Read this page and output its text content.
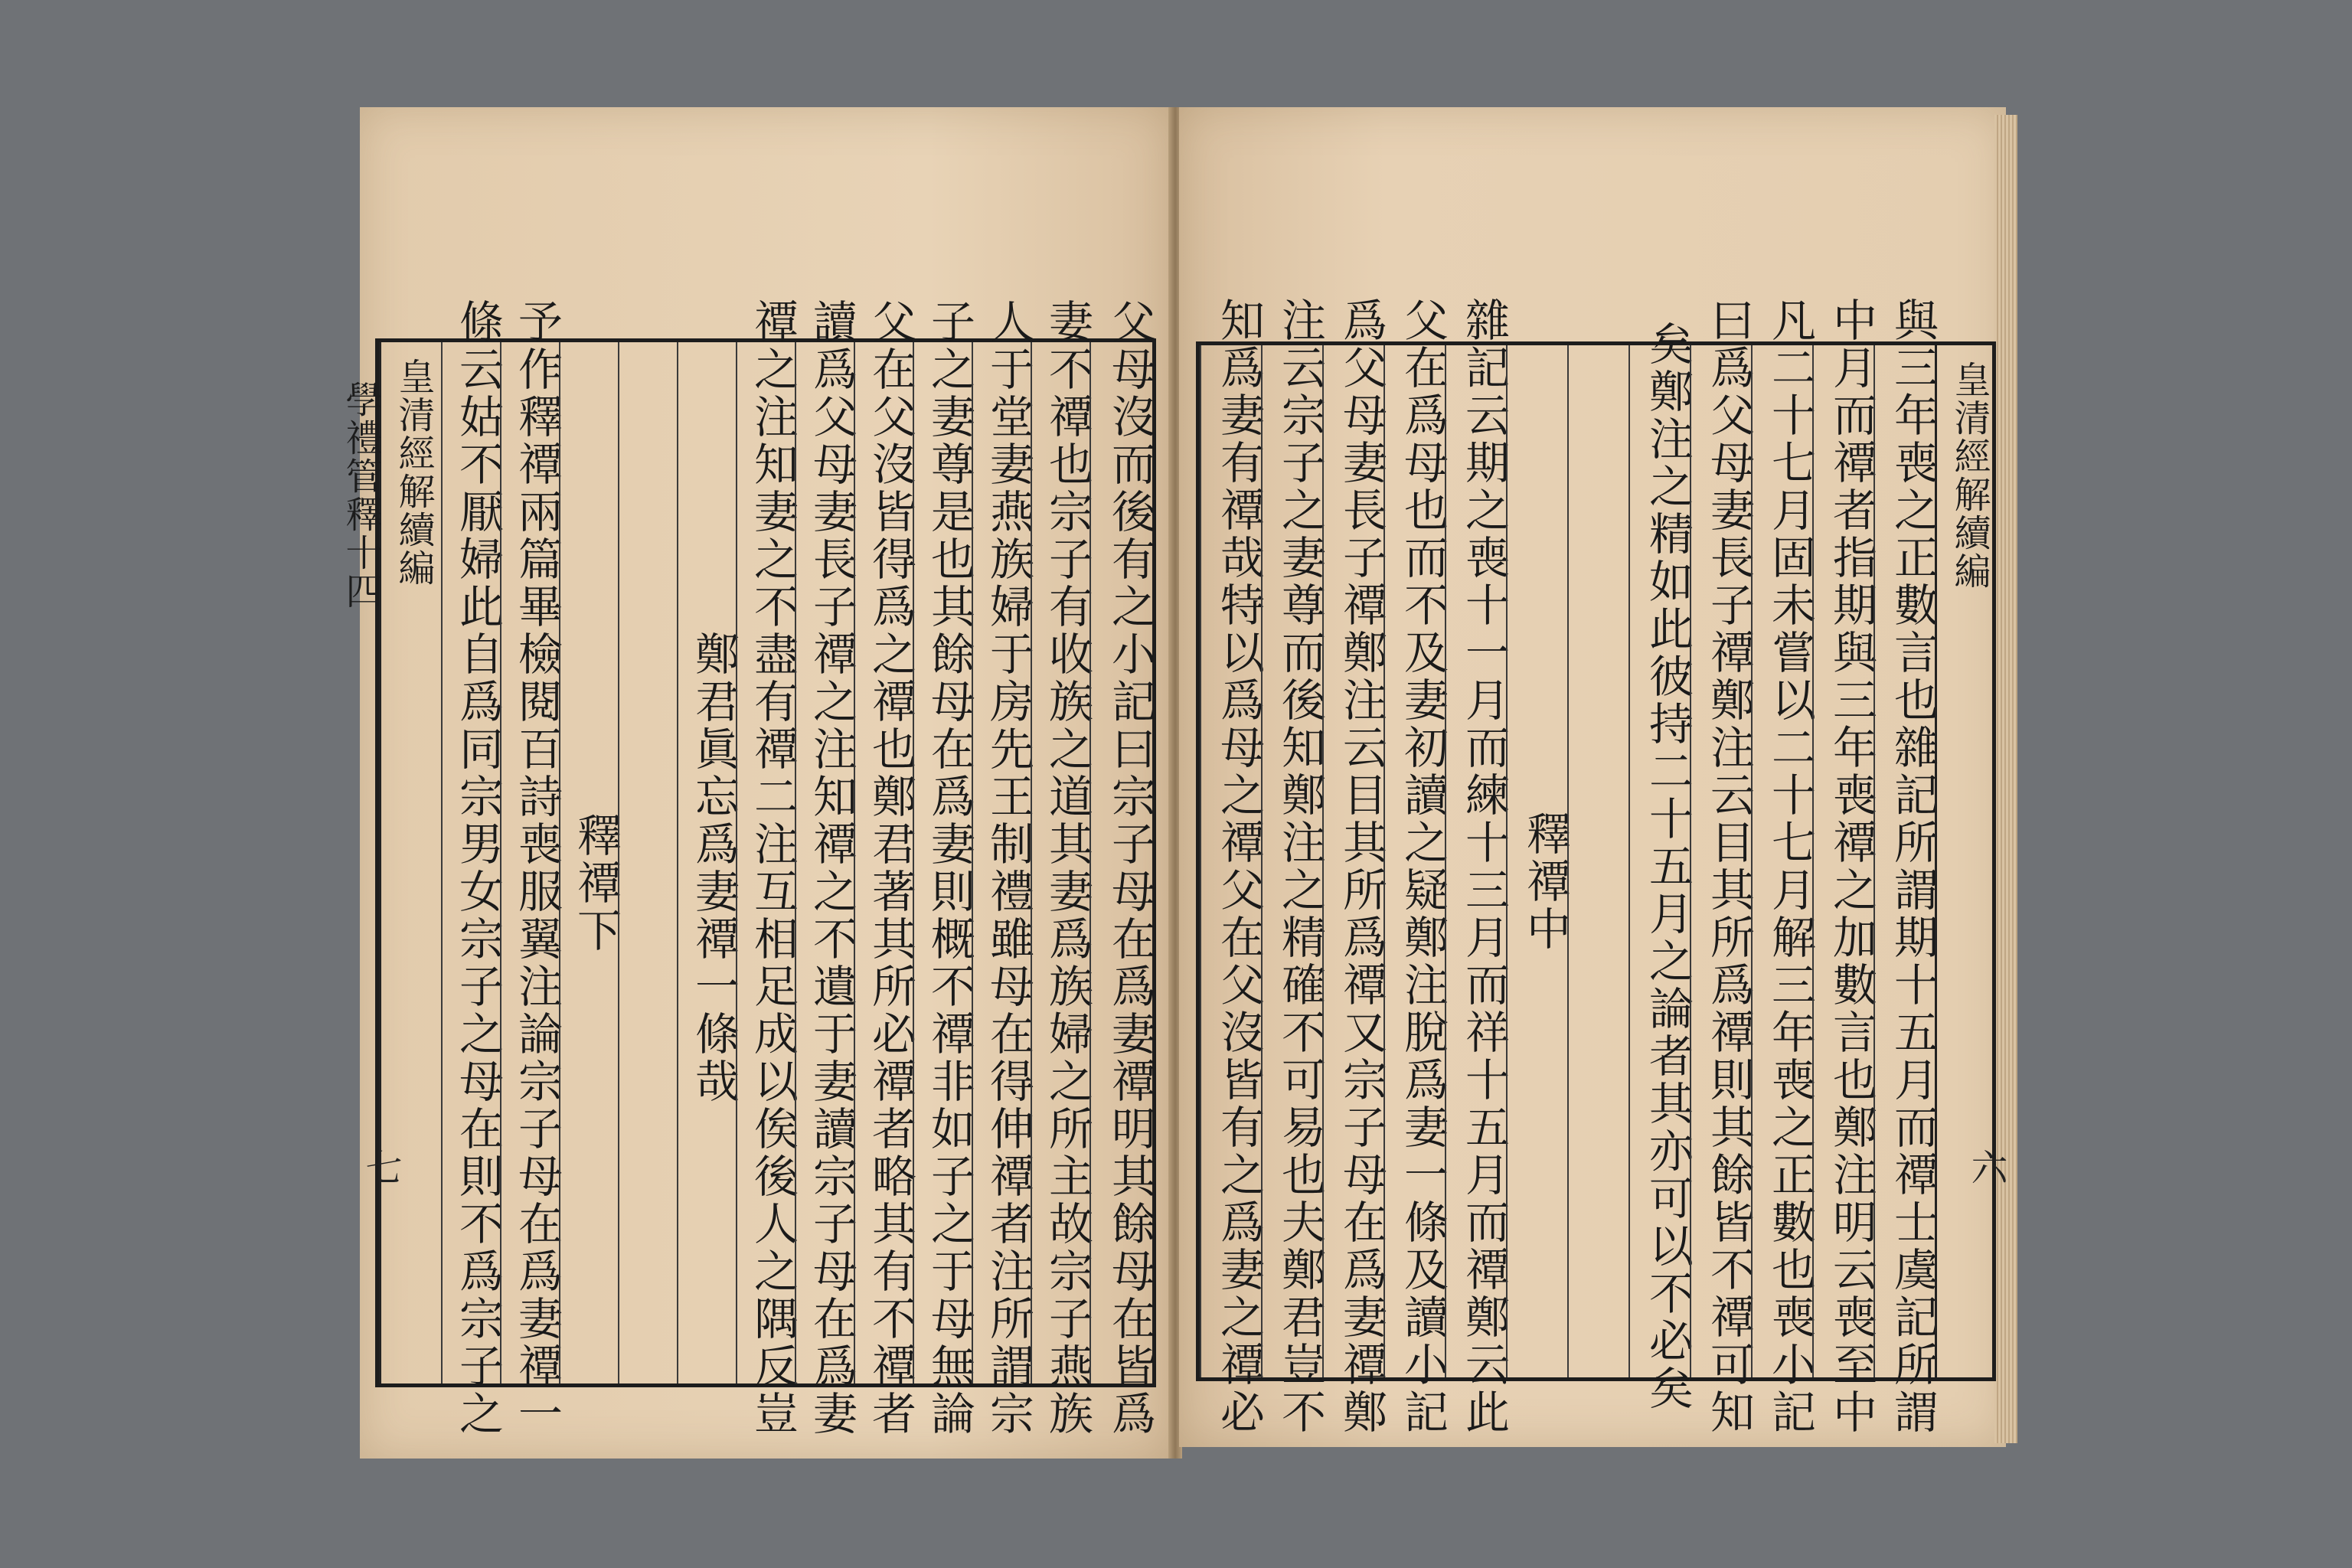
皇清經解續編
學禮管釋十四 條云姑不厭婦此自爲同宗男女宗子之母在則不爲宗子之 予作釋禫兩篇畢檢閱百詩喪服翼注論宗子母在爲妻禫一 釋禫下 鄭君眞忘爲妻禫一條哉 禫之注知妻之不盡有禫二注互相足成以俟後人之隅反豈 讀爲父母妻長子禫之注知禫之不遺于妻讀宗子母在爲妻 父在父沒皆得爲之禫也鄭君著其所必禫者略其有不禫者 子之妻尊是也其餘母在爲妻則概不禫非如子之于母無論 人于堂妻燕族婦于房先王制禮雖母在得伸禫者注所謂宗 妻不禫也宗子有收族之道其妻爲族婦之所主故宗子燕族 父母沒而後有之小記曰宗子母在爲妻禫明其餘母在皆爲
七	知爲妻有禫哉特以爲母之禫父在父沒皆有之爲妻之禫必 注云宗子之妻尊而後知鄭注之精確不可易也夫鄭君豈不 爲父母妻長子禫鄭注云目其所爲禫又宗子母在爲妻禫鄭 父在爲母也而不及妻初讀之疑鄭注脫爲妻一條及讀小記 雜記云期之喪十一月而練十三月而祥十五月而禫鄭云此 釋禫中 矣鄭注之精如此彼持二十五月之論者其亦可以不必矣 曰爲父母妻長子禫鄭注云目其所爲禫則其餘皆不禫可知 凡二十七月固未嘗以二十七月解三年喪之正數也喪小記 中月而禫者指期與三年喪禫之加數言也鄭注明云喪至中 與三年喪之正數言也雜記所謂期十五月而禫士虞記所謂 皇清經解續編
六
